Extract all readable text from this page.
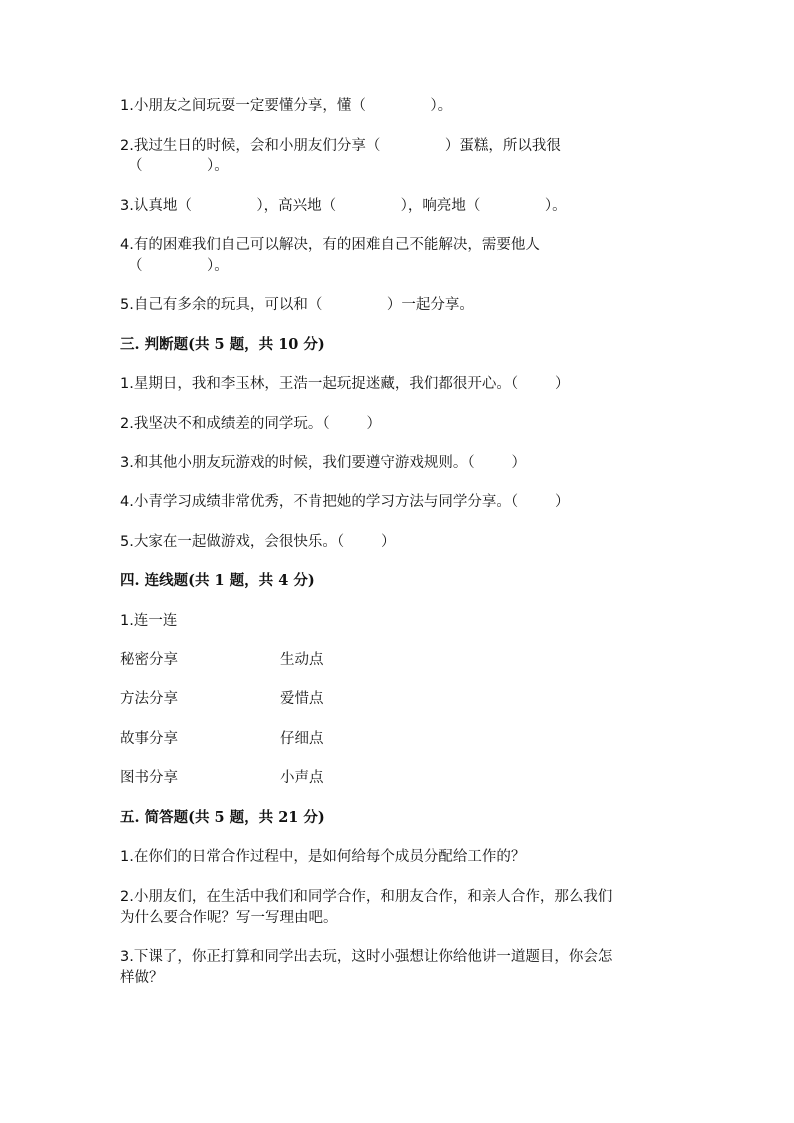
1.小朋友之间玩耍一定要懂分享，懂（              ）。
2.我过生日的时候，会和小朋友们分享（              ）蛋糕，所以我很
（              ）。
3.认真地（              ），高兴地（              ），响亮地（              ）。
4.有的困难我们自己可以解决，有的困难自己不能解决，需要他人
（              ）。
5.自己有多余的玩具，可以和（              ）一起分享。
三. 判断题(共 5 题，共 10 分)
1.星期日，我和李玉林，王浩一起玩捉迷藏，我们都很开心。（        ）
2.我坚决不和成绩差的同学玩。（        ）
3.和其他小朋友玩游戏的时候，我们要遵守游戏规则。（        ）
4.小青学习成绩非常优秀，不肯把她的学习方法与同学分享。（        ）
5.大家在一起做游戏，会很快乐。（        ）
四. 连线题(共 1 题，共 4 分)
1.连一连
秘密分享	生动点
方法分享	爱惜点
故事分享	仔细点
图书分享	小声点
五. 简答题(共 5 题，共 21 分)
1.在你们的日常合作过程中，是如何给每个成员分配给工作的？
2.小朋友们，在生活中我们和同学合作，和朋友合作，和亲人合作，那么我们
为什么要合作呢？写一写理由吧。
3.下课了，你正打算和同学出去玩，这时小强想让你给他讲一道题目，你会怎
样做？
